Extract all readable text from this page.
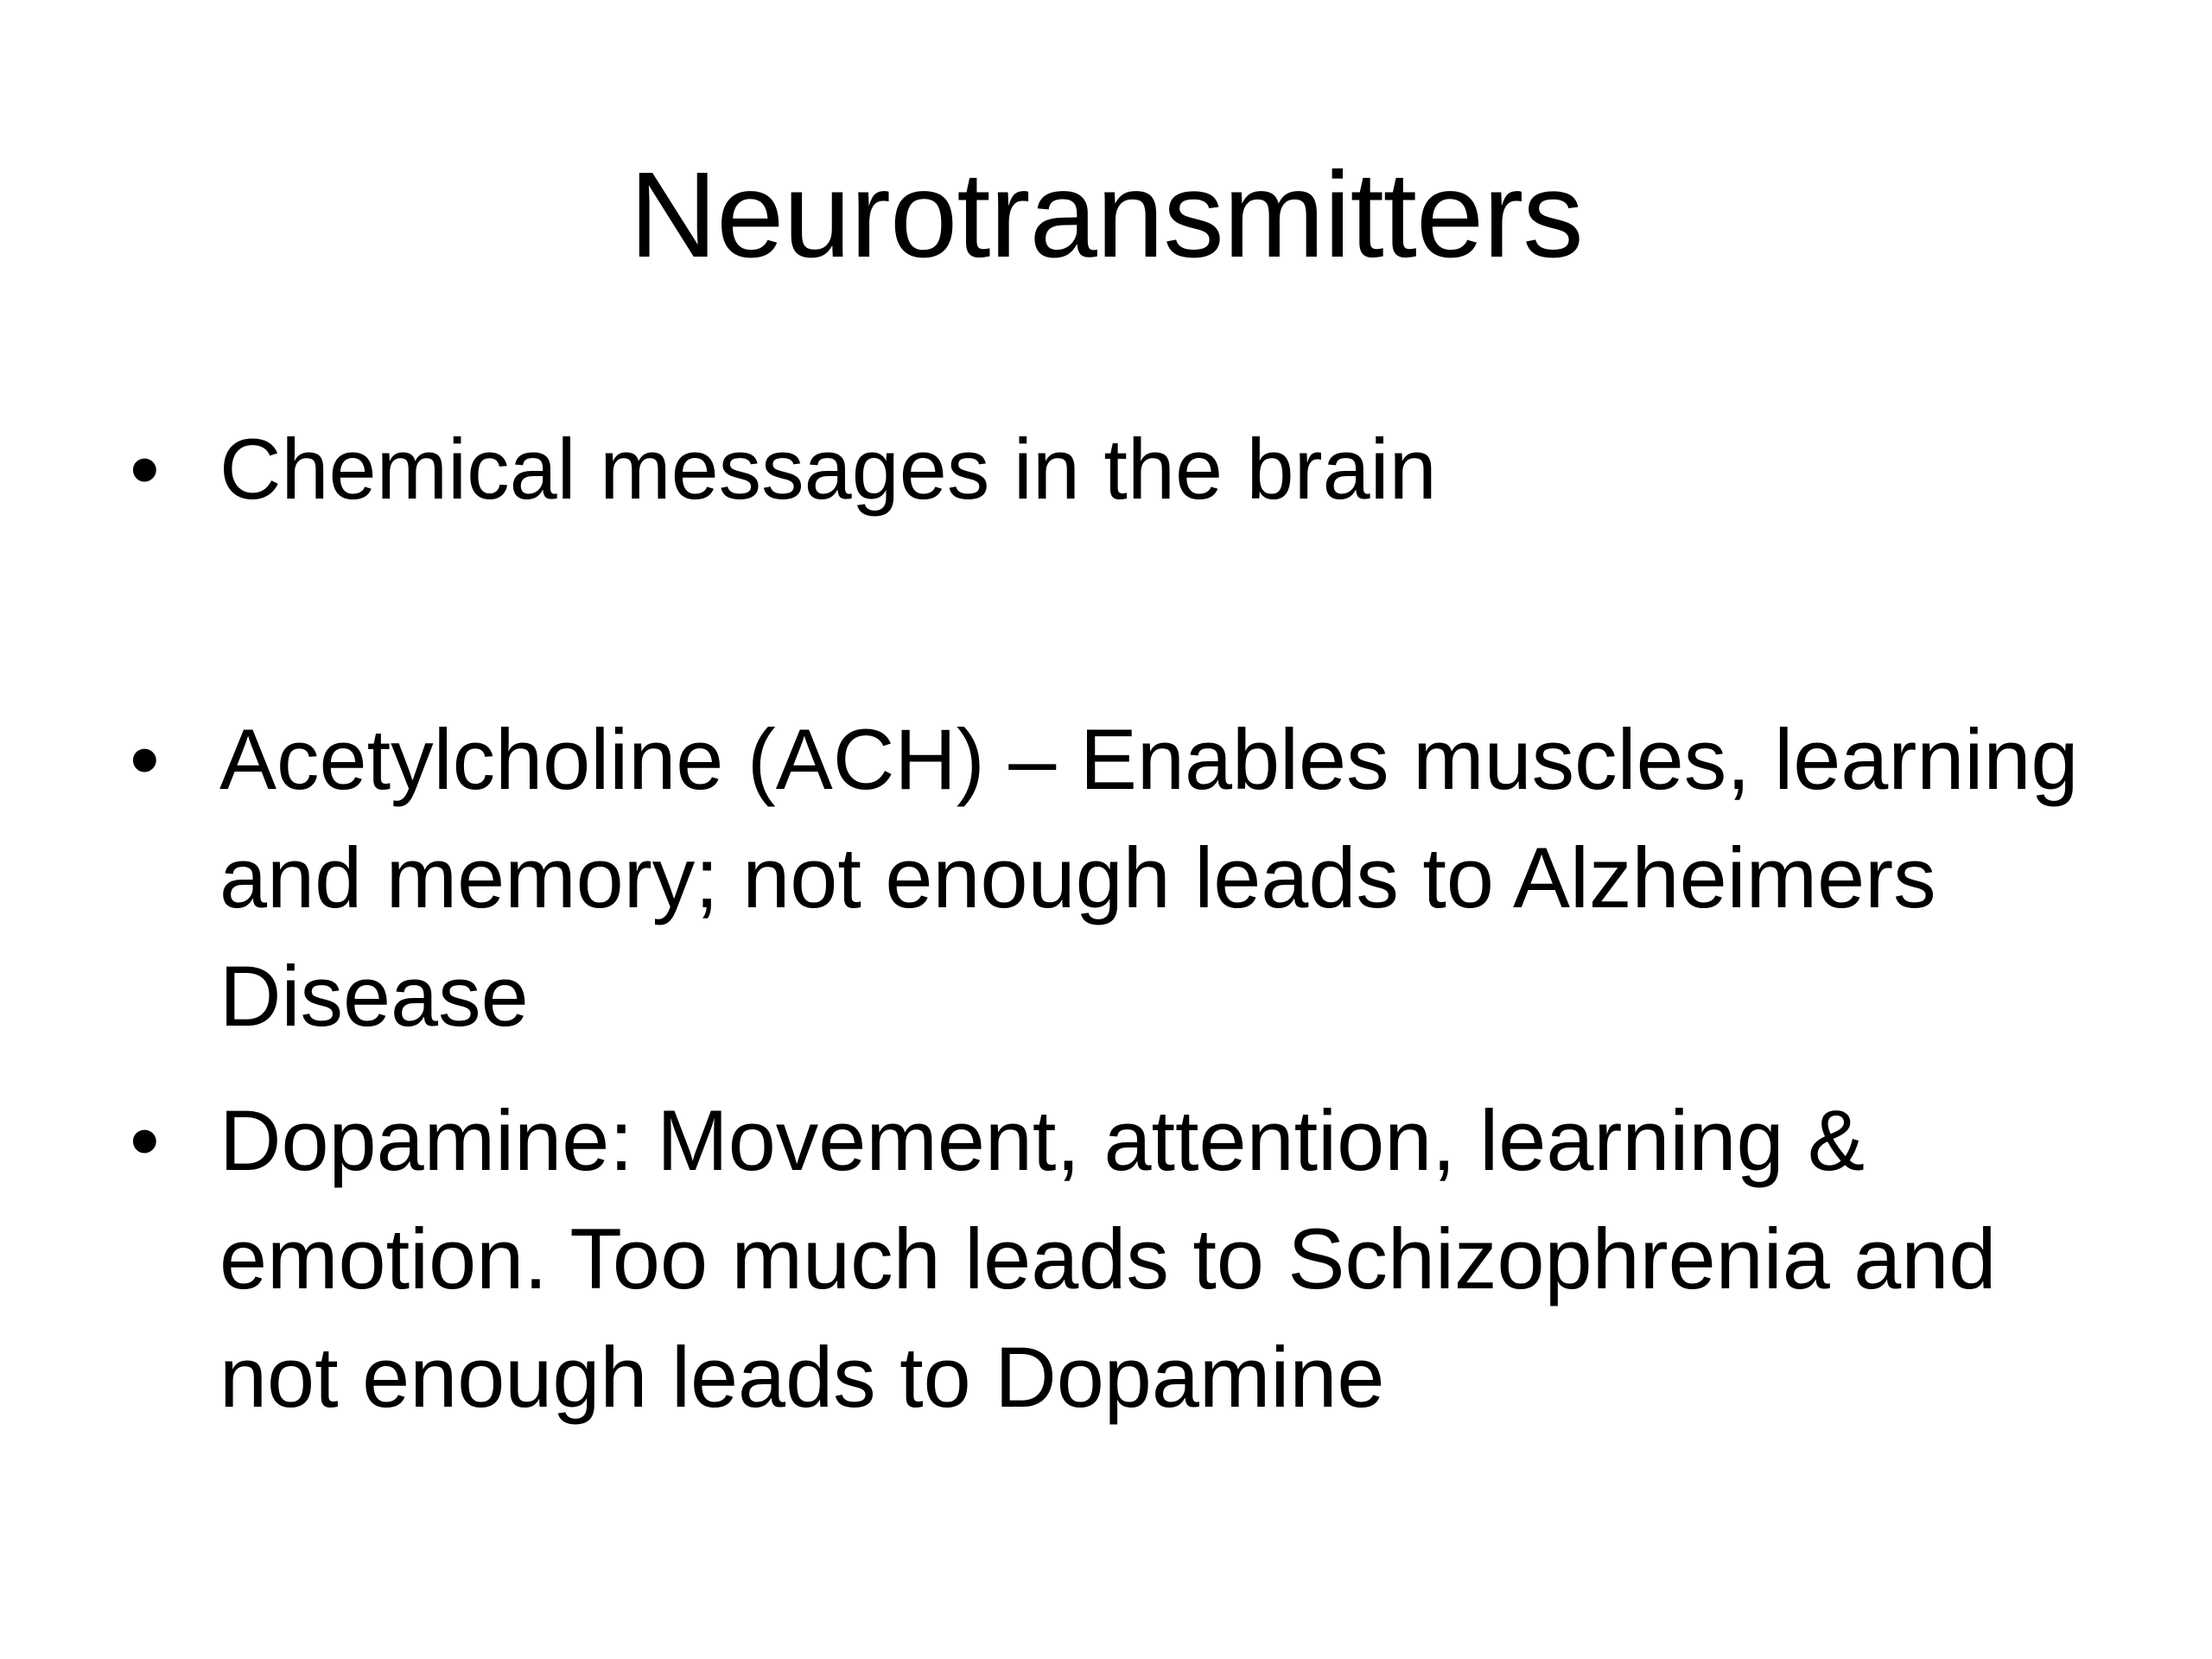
Neurotransmitters
• Chemical messages in the brain
• Acetylcholine (ACH) – Enables muscles, learning and memory; not enough leads to Alzheimers Disease
• Dopamine: Movement, attention, learning & emotion. Too much leads to Schizophrenia and not enough leads to Dopamine
